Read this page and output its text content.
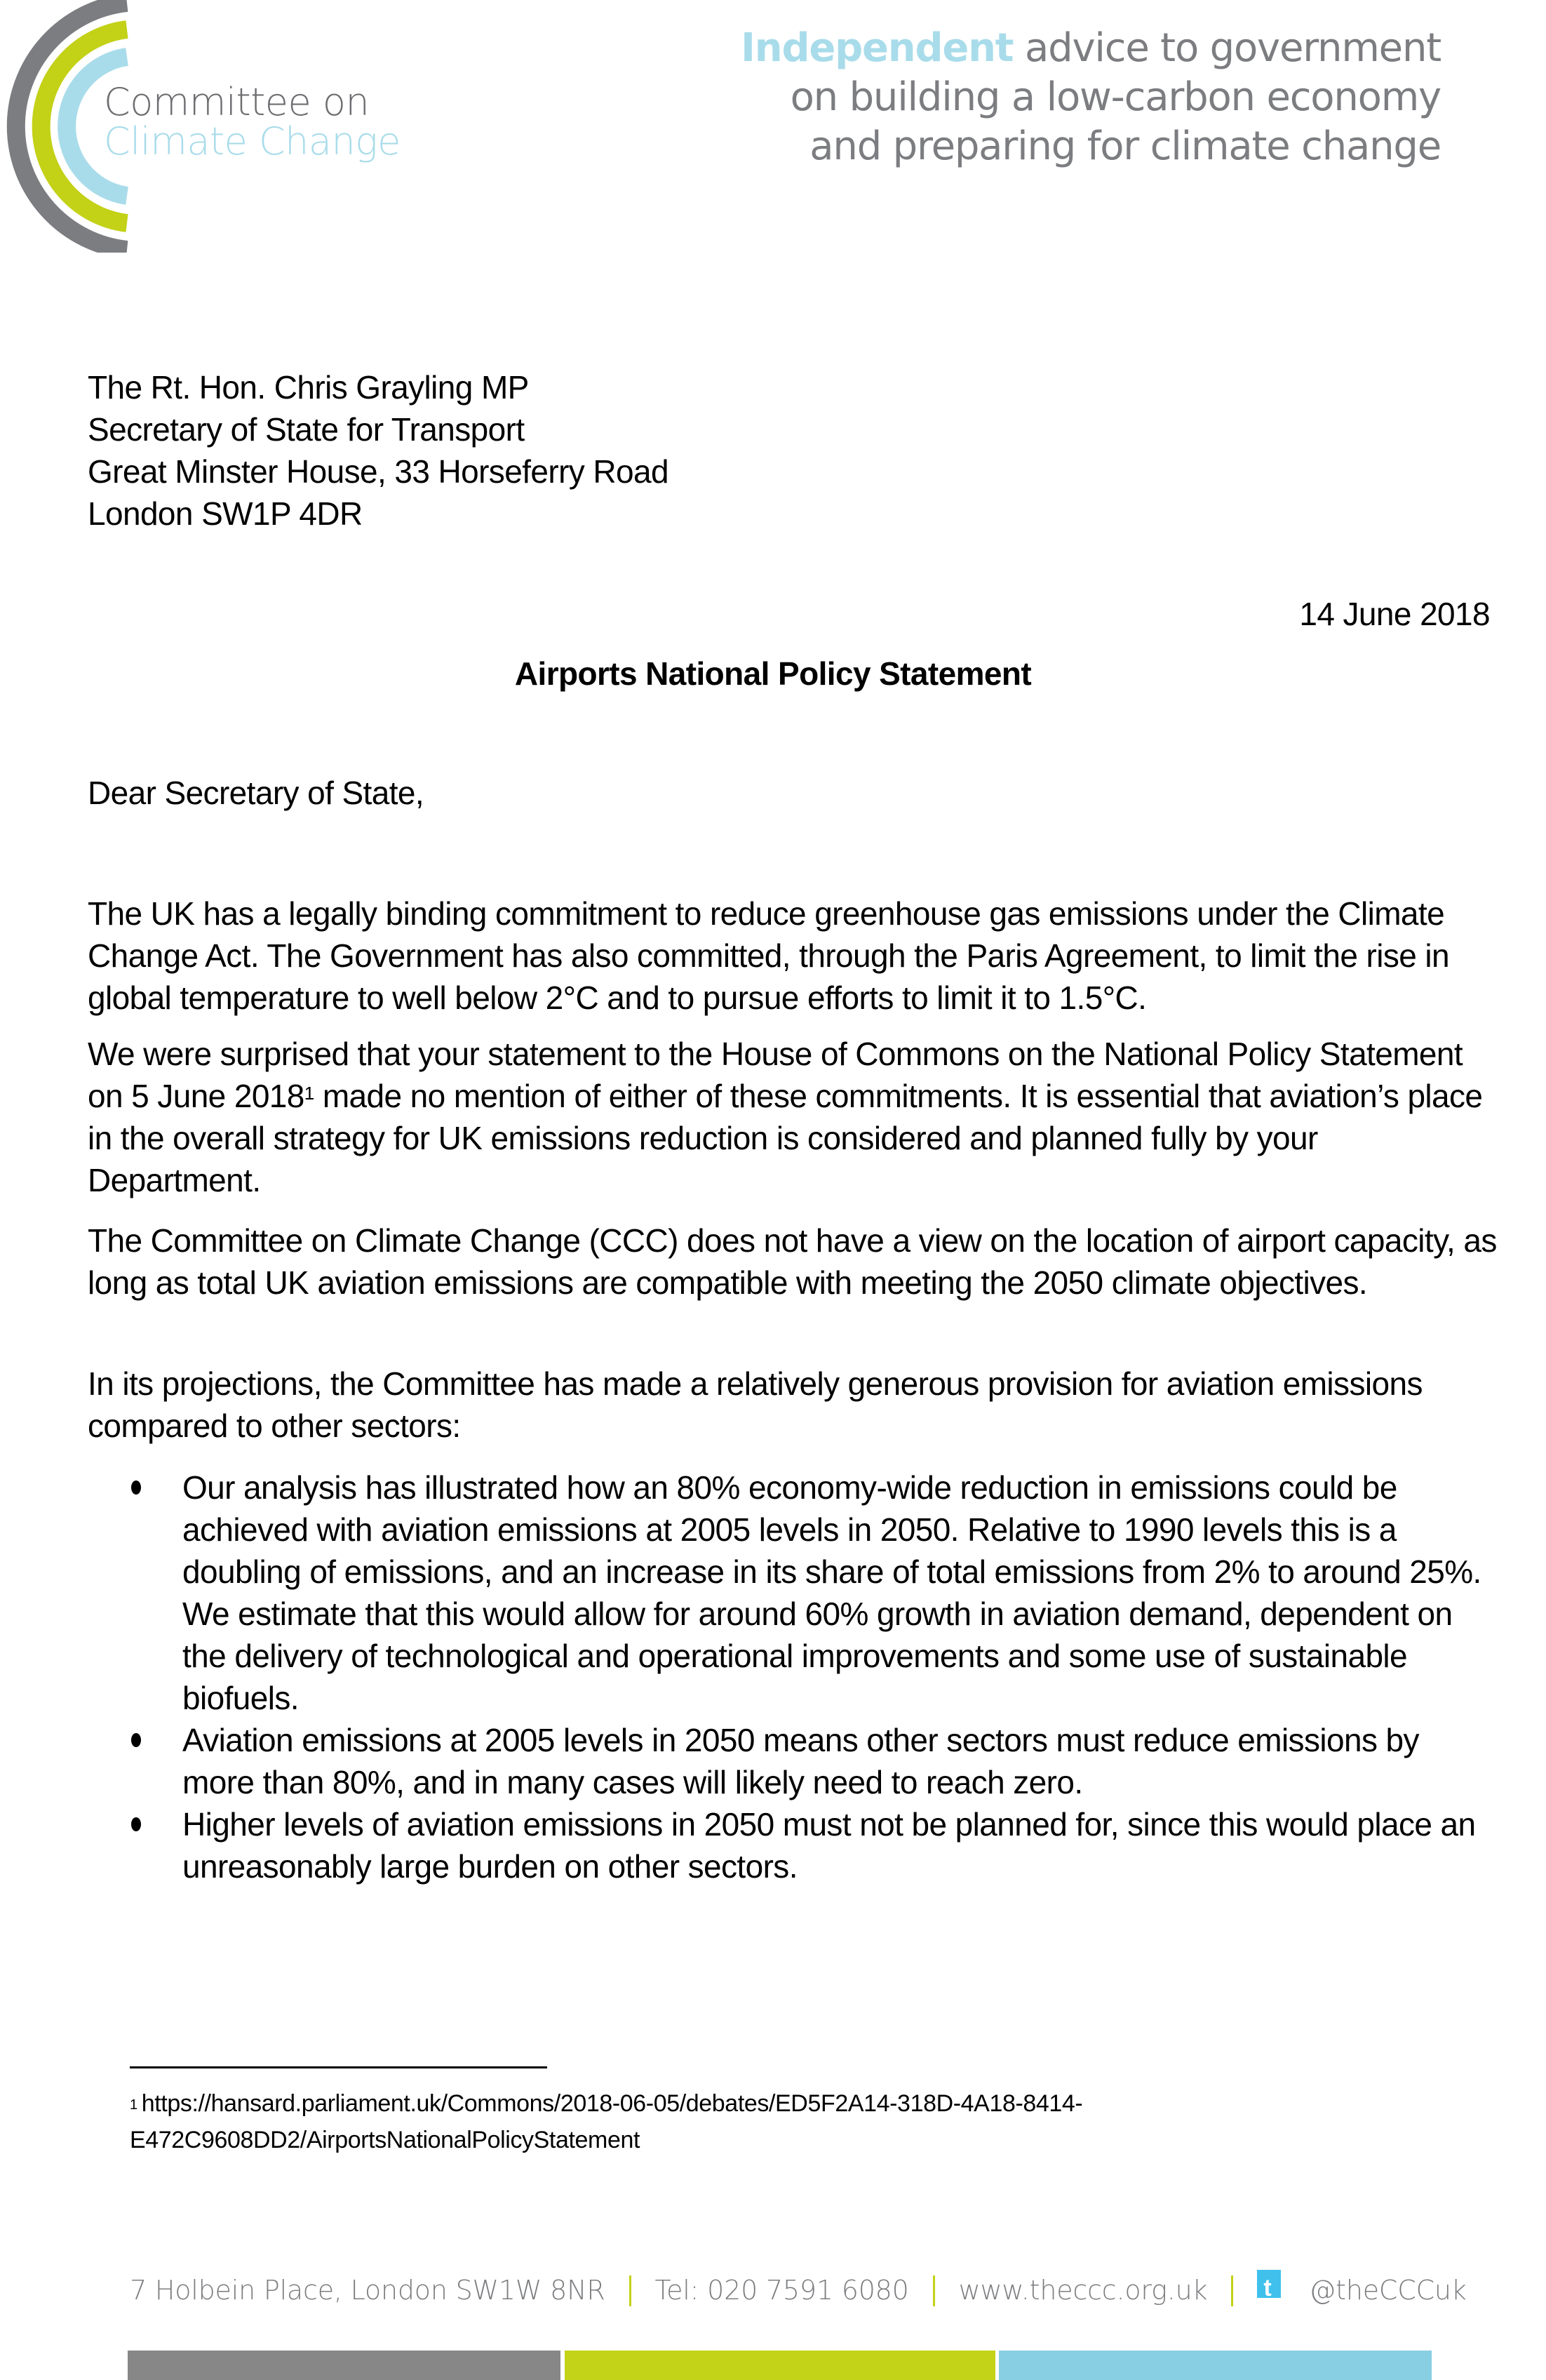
Committee on
Climate Change
Independent advice to government
on building a low-carbon economy
and preparing for climate change
The Rt. Hon. Chris Grayling MP
Secretary of State for Transport
Great Minster House, 33 Horseferry Road
London SW1P 4DR
14 June 2018
Airports National Policy Statement
Dear Secretary of State,
The UK has a legally binding commitment to reduce greenhouse gas emissions under the Climate Change Act. The Government has also committed, through the Paris Agreement, to limit the rise in global temperature to well below 2°C and to pursue efforts to limit it to 1.5°C.
We were surprised that your statement to the House of Commons on the National Policy Statement on 5 June 2018$^1$ made no mention of either of these commitments. It is essential that aviation’s place in the overall strategy for UK emissions reduction is considered and planned fully by your Department.
The Committee on Climate Change (CCC) does not have a view on the location of airport capacity, as long as total UK aviation emissions are compatible with meeting the 2050 climate objectives.
In its projections, the Committee has made a relatively generous provision for aviation emissions compared to other sectors:
Our analysis has illustrated how an 80% economy-wide reduction in emissions could be achieved with aviation emissions at 2005 levels in 2050. Relative to 1990 levels this is a doubling of emissions, and an increase in its share of total emissions from 2% to around 25%. We estimate that this would allow for around 60% growth in aviation demand, dependent on the delivery of technological and operational improvements and some use of sustainable biofuels.
Aviation emissions at 2005 levels in 2050 means other sectors must reduce emissions by more than 80%, and in many cases will likely need to reach zero.
Higher levels of aviation emissions in 2050 must not be planned for, since this would place an unreasonably large burden on other sectors.
$^1$ https://hansard.parliament.uk/Commons/2018-06-05/debates/ED5F2A14-318D-4A18-8414-
E472C9608DD2/AirportsNationalPolicyStatement
7 Holbein Place, London SW1W 8NR Tel: 020 7591 6080 www.theccc.org.uk t	@theCCCuk
